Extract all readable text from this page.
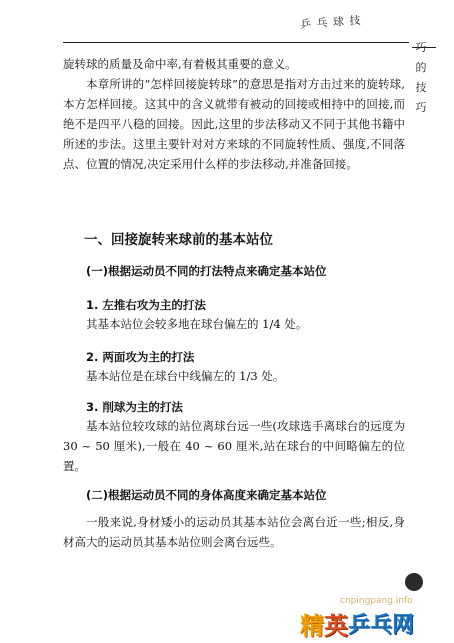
乒 乓 球 技
巧
的
技
巧

旋转球的质量及命中率,有着极其重要的意义。

本章所讲的“怎样回接旋转球”的意思是指对方击过来的旋转球,本方怎样回接。这其中的含义就带有被动的回接或相持中的回接,而绝不是四平八稳的回接。因此,这里的步法移动又不同于其他书籍中所述的步法。这里主要针对对方来球的不同旋转性质、强度,不同落点、位置的情况,决定采用什么样的步法移动,并准备回接。

一、回接旋转来球前的基本站位
(一)根据运动员不同的打法特点来确定基本站位
1. 左推右攻为主的打法

其基本站位会较多地在球台偏左的 1/4 处。

2. 两面攻为主的打法

基本站位是在球台中线偏左的 1/3 处。

3. 削球为主的打法

基本站位较攻球的站位离球台远一些(攻球选手离球台的远度为 30 ~ 50 厘米),一般在 40 ~ 60 厘米,站在球台的中间略偏左的位置。

(二)根据运动员不同的身体高度来确定基本站位

一般来说,身材矮小的运动员其基本站位会离台近一些;相反,身材高大的运动员其基本站位则会离台远些。

cnpingpang.info
精 英 乒乓网
